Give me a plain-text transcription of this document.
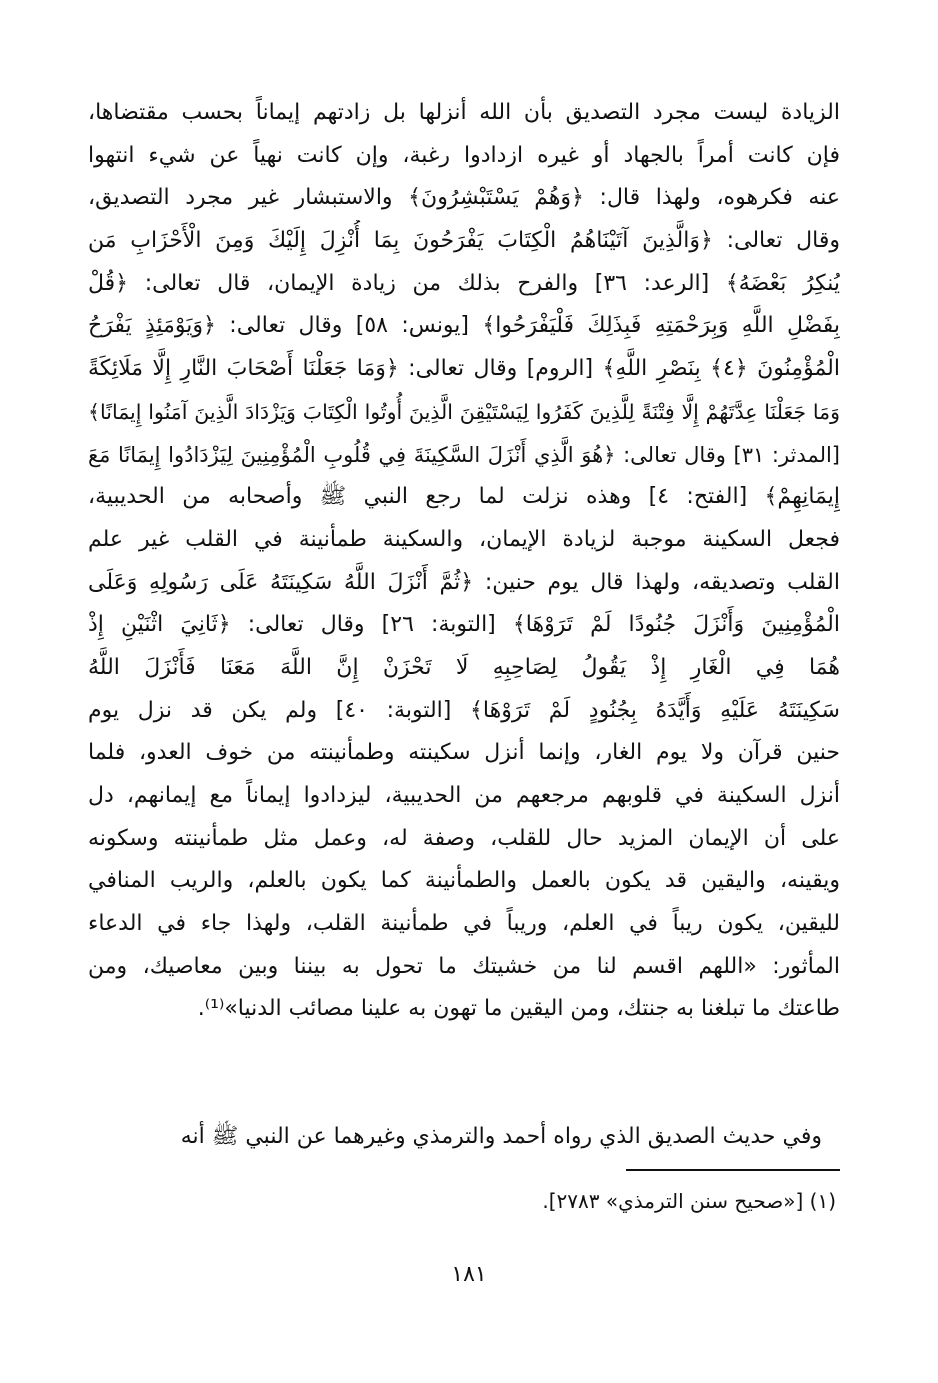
الزيادة ليست مجرد التصديق بأن الله أنزلها بل زادتهم إيماناً بحسب مقتضاها،
فإن كانت أمراً بالجهاد أو غيره ازدادوا رغبة، وإن كانت نهياً عن شيء انتهوا
عنه فكرهوه، ولهذا قال: ﴿وَهُمْ يَسْتَبْشِرُونَ﴾ والاستبشار غير مجرد التصديق،
وقال تعالى: ﴿وَالَّذِينَ آتَيْنَاهُمُ الْكِتَابَ يَفْرَحُونَ بِمَا أُنْزِلَ إِلَيْكَ وَمِنَ الْأَحْزَابِ مَن
يُنكِرُ بَعْضَهُ﴾ [الرعد: ٣٦] والفرح بذلك من زيادة الإيمان، قال تعالى: ﴿قُلْ
بِفَضْلِ اللَّهِ وَبِرَحْمَتِهِ فَبِذَلِكَ فَلْيَفْرَحُوا﴾ [يونس: ٥٨] وقال تعالى: ﴿وَيَوْمَئِذٍ يَفْرَحُ
الْمُؤْمِنُونَ ﴿٤﴾ بِنَصْرِ اللَّهِ﴾ [الروم] وقال تعالى: ﴿وَمَا جَعَلْنَا أَصْحَابَ النَّارِ إِلَّا مَلَائِكَةً
وَمَا جَعَلْنَا عِدَّتَهُمْ إِلَّا فِتْنَةً لِلَّذِينَ كَفَرُوا لِيَسْتَيْقِنَ الَّذِينَ أُوتُوا الْكِتَابَ وَيَزْدَادَ الَّذِينَ آمَنُوا إِيمَانًا﴾
[المدثر: ٣١] وقال تعالى: ﴿هُوَ الَّذِي أَنْزَلَ السَّكِينَةَ فِي قُلُوبِ الْمُؤْمِنِينَ لِيَزْدَادُوا إِيمَانًا مَعَ
إِيمَانِهِمْ﴾ [الفتح: ٤] وهذه نزلت لما رجع النبي ﷺ وأصحابه من الحديبية،
فجعل السكينة موجبة لزيادة الإيمان، والسكينة طمأنينة في القلب غير علم
القلب وتصديقه، ولهذا قال يوم حنين: ﴿ثُمَّ أَنْزَلَ اللَّهُ سَكِينَتَهُ عَلَى رَسُولِهِ وَعَلَى
الْمُؤْمِنِينَ وَأَنْزَلَ جُنُودًا لَمْ تَرَوْهَا﴾ [التوبة: ٢٦] وقال تعالى: ﴿ثَانِيَ اثْنَيْنِ إِذْ
هُمَا فِي الْغَارِ إِذْ يَقُولُ لِصَاحِبِهِ لَا تَحْزَنْ إِنَّ اللَّهَ مَعَنَا فَأَنْزَلَ اللَّهُ
سَكِينَتَهُ عَلَيْهِ وَأَيَّدَهُ بِجُنُودٍ لَمْ تَرَوْهَا﴾ [التوبة: ٤٠] ولم يكن قد نزل يوم
حنين قرآن ولا يوم الغار، وإنما أنزل سكينته وطمأنينته من خوف العدو، فلما
أنزل السكينة في قلوبهم مرجعهم من الحديبية، ليزدادوا إيماناً مع إيمانهم، دل
على أن الإيمان المزيد حال للقلب، وصفة له، وعمل مثل طمأنينته وسكونه
ويقينه، واليقين قد يكون بالعمل والطمأنينة كما يكون بالعلم، والريب المنافي
لليقين، يكون ريباً في العلم، وريباً في طمأنينة القلب، ولهذا جاء في الدعاء
المأثور: «اللهم اقسم لنا من خشيتك ما تحول به بيننا وبين معاصيك، ومن
طاعتك ما تبلغنا به جنتك، ومن اليقين ما تهون به علينا مصائب الدنيا»⁽¹⁾.
وفي حديث الصديق الذي رواه أحمد والترمذي وغيرهما عن النبي ﷺ أنه
(١) [«صحيح سنن الترمذي» ٢٧٨٣].
١٨١
